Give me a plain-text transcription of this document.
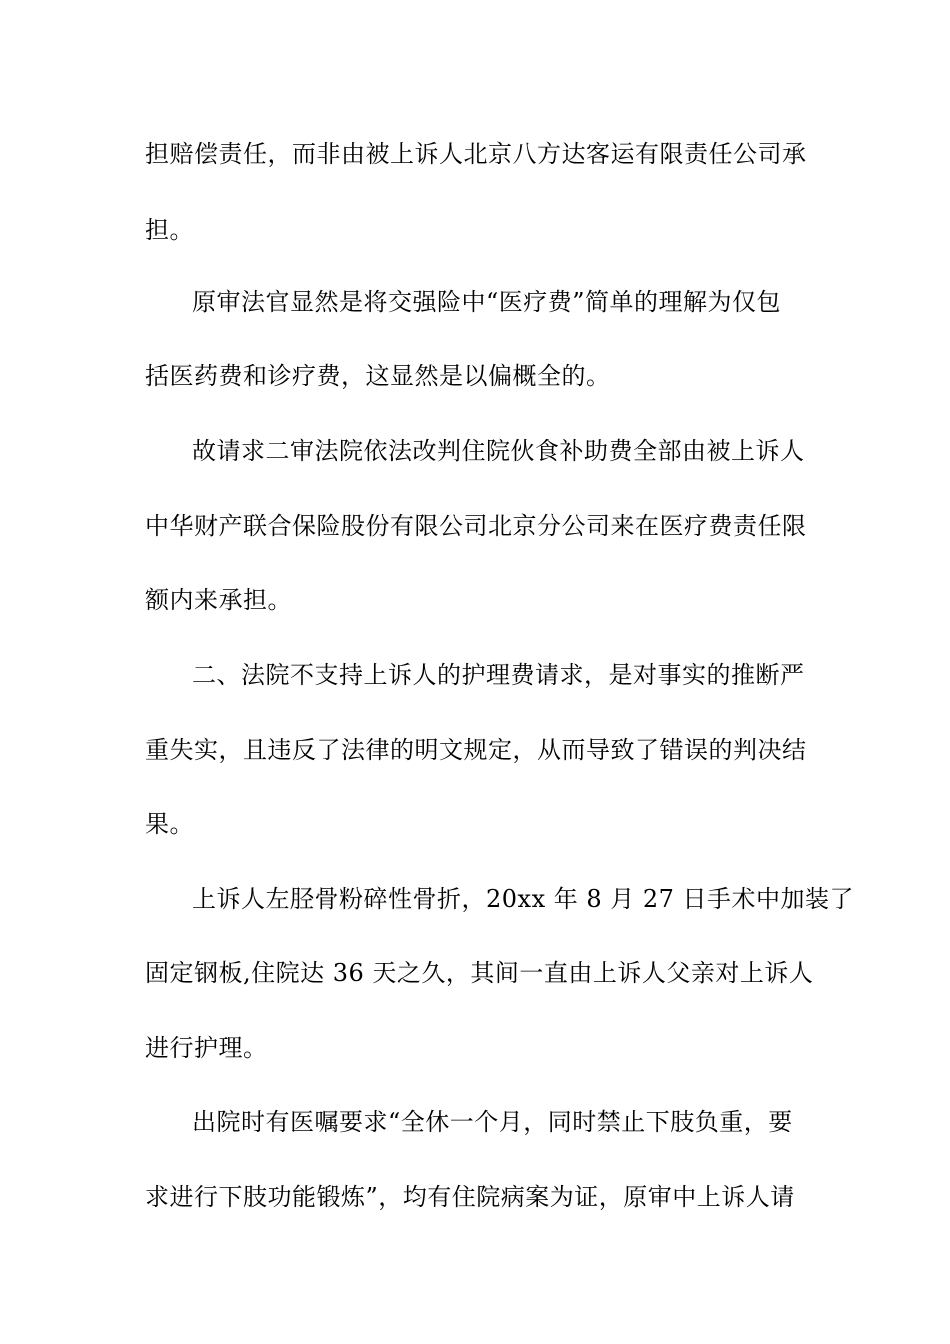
担赔偿责任，而非由被上诉人北京八方达客运有限责任公司承
担。
原审法官显然是将交强险中“医疗费”简单的理解为仅包
括医药费和诊疗费，这显然是以偏概全的。
故请求二审法院依法改判住院伙食补助费全部由被上诉人
中华财产联合保险股份有限公司北京分公司来在医疗费责任限
额内来承担。
二、法院不支持上诉人的护理费请求，是对事实的推断严
重失实，且违反了法律的明文规定，从而导致了错误的判决结
果。
上诉人左胫骨粉碎性骨折，20xx 年 8 月 27 日手术中加装了
固定钢板,住院达 36 天之久，其间一直由上诉人父亲对上诉人
进行护理。
出院时有医嘱要求“全休一个月，同时禁止下肢负重，要
求进行下肢功能锻炼”，均有住院病案为证，原审中上诉人请
